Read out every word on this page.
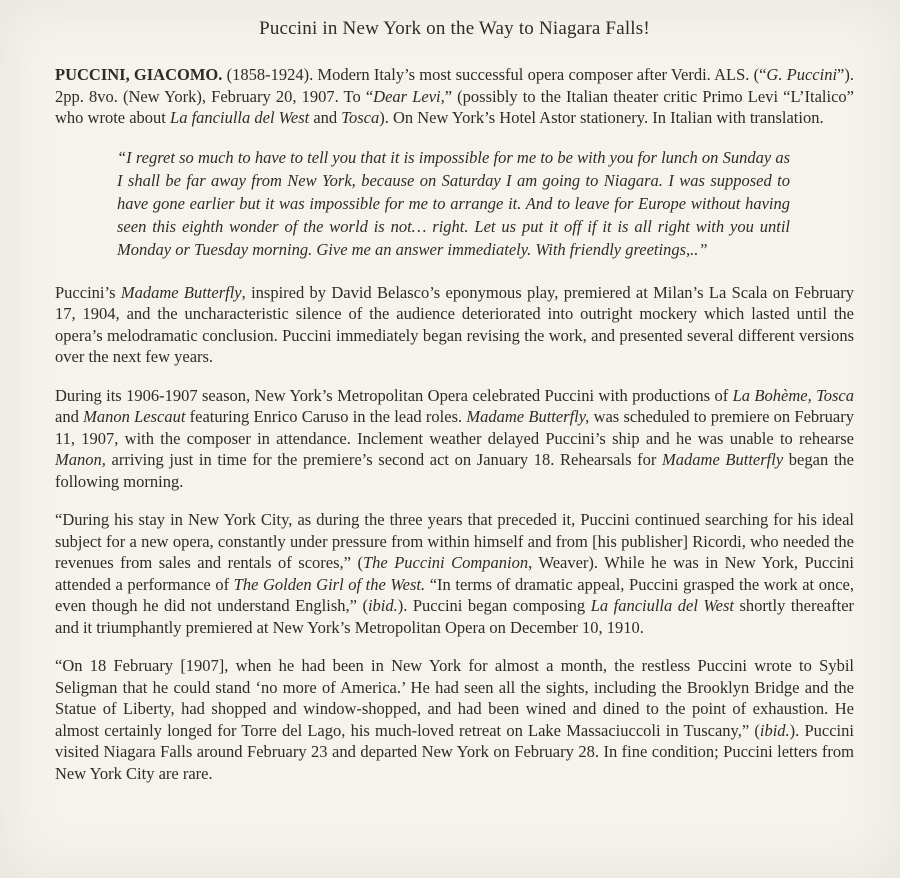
Puccini in New York on the Way to Niagara Falls!

PUCCINI, GIACOMO. (1858-1924). Modern Italy’s most successful opera composer after Verdi. ALS. (“G. Puccini”). 2pp. 8vo. (New York), February 20, 1907. To “Dear Levi,” (possibly to the Italian theater critic Primo Levi “L’Italico” who wrote about La fanciulla del West and Tosca). On New York’s Hotel Astor stationery. In Italian with translation.

“I regret so much to have to tell you that it is impossible for me to be with you for lunch on Sunday as I shall be far away from New York, because on Saturday I am going to Niagara. I was supposed to have gone earlier but it was impossible for me to arrange it. And to leave for Europe without having seen this eighth wonder of the world is not… right. Let us put it off if it is all right with you until Monday or Tuesday morning. Give me an answer immediately. With friendly greetings,..”

Puccini’s Madame Butterfly, inspired by David Belasco’s eponymous play, premiered at Milan’s La Scala on February 17, 1904, and the uncharacteristic silence of the audience deteriorated into outright mockery which lasted until the opera’s melodramatic conclusion. Puccini immediately began revising the work, and presented several different versions over the next few years.

During its 1906-1907 season, New York’s Metropolitan Opera celebrated Puccini with productions of La Bohème, Tosca and Manon Lescaut featuring Enrico Caruso in the lead roles. Madame Butterfly, was scheduled to premiere on February 11, 1907, with the composer in attendance. Inclement weather delayed Puccini’s ship and he was unable to rehearse Manon, arriving just in time for the premiere’s second act on January 18. Rehearsals for Madame Butterfly began the following morning.

“During his stay in New York City, as during the three years that preceded it, Puccini continued searching for his ideal subject for a new opera, constantly under pressure from within himself and from [his publisher] Ricordi, who needed the revenues from sales and rentals of scores,” (The Puccini Companion, Weaver). While he was in New York, Puccini attended a performance of The Golden Girl of the West. “In terms of dramatic appeal, Puccini grasped the work at once, even though he did not understand English,” (ibid.). Puccini began composing La fanciulla del West shortly thereafter and it triumphantly premiered at New York’s Metropolitan Opera on December 10, 1910.

“On 18 February [1907], when he had been in New York for almost a month, the restless Puccini wrote to Sybil Seligman that he could stand ‘no more of America.’ He had seen all the sights, including the Brooklyn Bridge and the Statue of Liberty, had shopped and window-shopped, and had been wined and dined to the point of exhaustion. He almost certainly longed for Torre del Lago, his much-loved retreat on Lake Massaciuccoli in Tuscany,” (ibid.). Puccini visited Niagara Falls around February 23 and departed New York on February 28. In fine condition; Puccini letters from New York City are rare.
